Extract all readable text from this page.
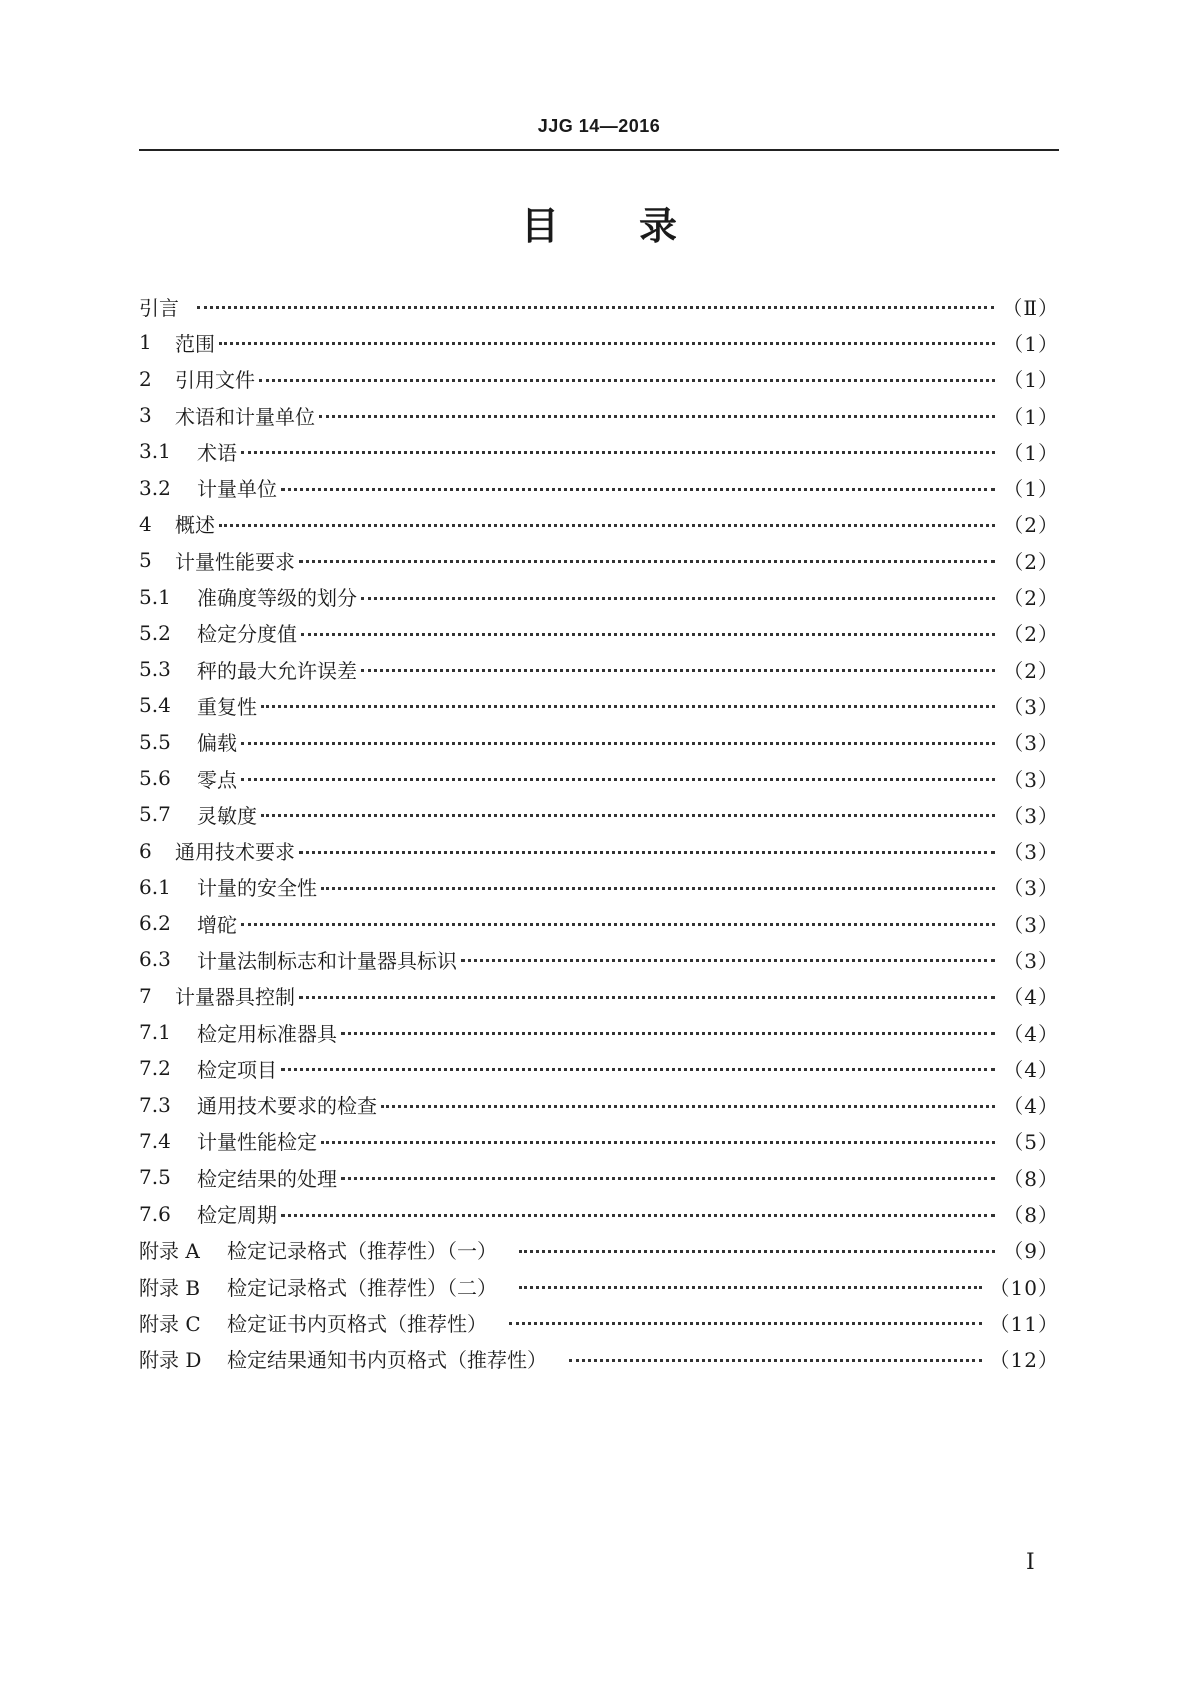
JJG 14—2016
目 录
引言	（Ⅱ）
1	范围	（1）
2	引用文件	（1）
3	术语和计量单位	（1）
3.1	术语	（1）
3.2	计量单位	（1）
4	概述	（2）
5	计量性能要求	（2）
5.1	准确度等级的划分	（2）
5.2	检定分度值	（2）
5.3	秤的最大允许误差	（2）
5.4	重复性	（3）
5.5	偏载	（3）
5.6	零点	（3）
5.7	灵敏度	（3）
6	通用技术要求	（3）
6.1	计量的安全性	（3）
6.2	增砣	（3）
6.3	计量法制标志和计量器具标识	（3）
7	计量器具控制	（4）
7.1	检定用标准器具	（4）
7.2	检定项目	（4）
7.3	通用技术要求的检查	（4）
7.4	计量性能检定	（5）
7.5	检定结果的处理	（8）
7.6	检定周期	（8）
附录 A	检定记录格式（推荐性）（一）	（9）
附录 B	检定记录格式（推荐性）（二）	（10）
附录 C	检定证书内页格式（推荐性）	（11）
附录 D	检定结果通知书内页格式（推荐性）	（12）
Ⅰ
